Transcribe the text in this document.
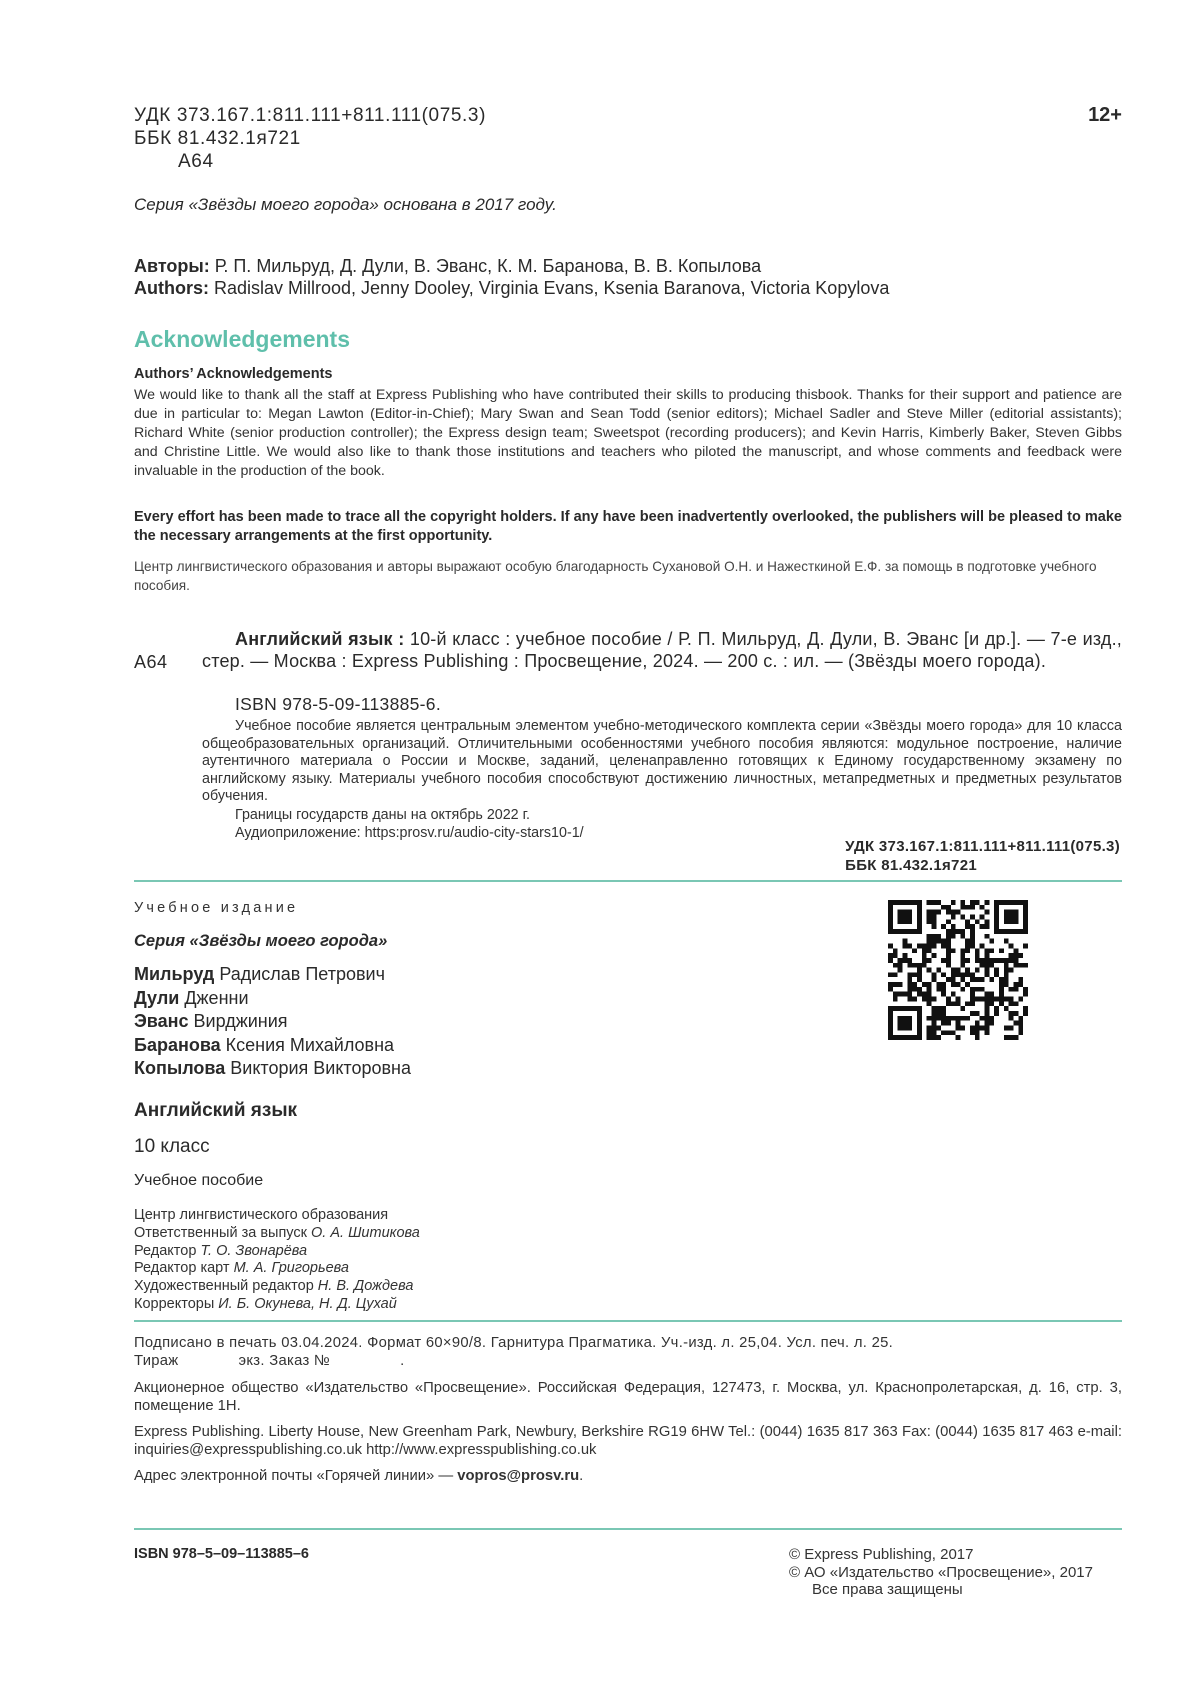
УДК 373.167.1:811.111+811.111(075.3)
ББК 81.432.1я721
А64
12+
Серия «Звёзды моего города» основана в 2017 году.
Авторы: Р. П. Мильруд, Д. Дули, В. Эванс, К. М. Баранова, В. В. Копылова
Authors: Radislav Millrood, Jenny Dooley, Virginia Evans, Ksenia Baranova, Victoria Kopylova
Acknowledgements
Authors’ Acknowledgements
We would like to thank all the staff at Express Publishing who have contributed their skills to producing thisbook. Thanks for their support and patience are due in particular to: Megan Lawton (Editor-in-Chief); Mary Swan and Sean Todd (senior editors); Michael Sadler and Steve Miller (editorial assistants); Richard White (senior production controller); the Express design team; Sweetspot (recording producers); and Kevin Harris, Kimberly Baker, Steven Gibbs and Christine Little. We would also like to thank those institutions and teachers who piloted the manuscript, and whose comments and feedback were invaluable in the production of the book.
Every effort has been made to trace all the copyright holders. If any have been inadvertently overlooked, the publishers will be pleased to make the necessary arrangements at the first opportunity.
Центр лингвистического образования и авторы выражают особую благодарность Сухановой О.Н. и Нажесткиной Е.Ф. за помощь в подготовке учебного пособия.
А64
Английский язык : 10-й класс : учебное пособие / Р. П. Мильруд, Д. Дули, В. Эванс [и др.]. — 7-е изд., стер. — Москва : Express Publishing : Просвещение, 2024. — 200 с. : ил. — (Звёзды моего города).
ISBN 978-5-09-113885-6.
Учебное пособие является центральным элементом учебно-методического комплекта серии «Звёзды моего города» для 10 класса общеобразовательных организаций. Отличительными особенностями учебного пособия являются: модульное построение, наличие аутентичного материала о России и Москве, заданий, целенаправленно готовящих к Единому государственному экзамену по английскому языку. Материалы учебного пособия способствуют достижению личностных, метапредметных и предметных результатов обучения.
Границы государств даны на октябрь 2022 г.
Аудиоприложение: https:prosv.ru/audio-city-stars10-1/
УДК 373.167.1:811.111+811.111(075.3)
ББК 81.432.1я721
Учебное издание
Серия «Звёзды моего города»
Мильруд Радислав Петрович
Дули Дженни
Эванс Вирджиния
Баранова Ксения Михайловна
Копылова Виктория Викторовна
Английский язык
10 класс
Учебное пособие
Центр лингвистического образования
Ответственный за выпуск О. А. Шитикова
Редактор Т. О. Звонарёва
Редактор карт М. А. Григорьева
Художественный редактор Н. В. Дождева
Корректоры И. Б. Окунева, Н. Д. Цухай
Подписано в печать 03.04.2024. Формат 60×90/8. Гарнитура Прагматика. Уч.-изд. л. 25,04. Усл. печ. л. 25.
Тираж	экз. Заказ №	.
Акционерное общество «Издательство «Просвещение». Российская Федерация, 127473, г. Москва, ул. Краснопролетарская, д. 16, стр. 3, помещение 1Н.
Express Publishing. Liberty House, New Greenham Park, Newbury, Berkshire RG19 6HW Tel.: (0044) 1635 817 363 Fax: (0044) 1635 817 463 e-mail: inquiries@expresspublishing.co.uk http://www.expresspublishing.co.uk
Адрес электронной почты «Горячей линии» — vopros@prosv.ru.
ISBN 978–5–09–113885–6	© Express Publishing, 2017
© АО «Издательство «Просвещение», 2017
Все права защищены
